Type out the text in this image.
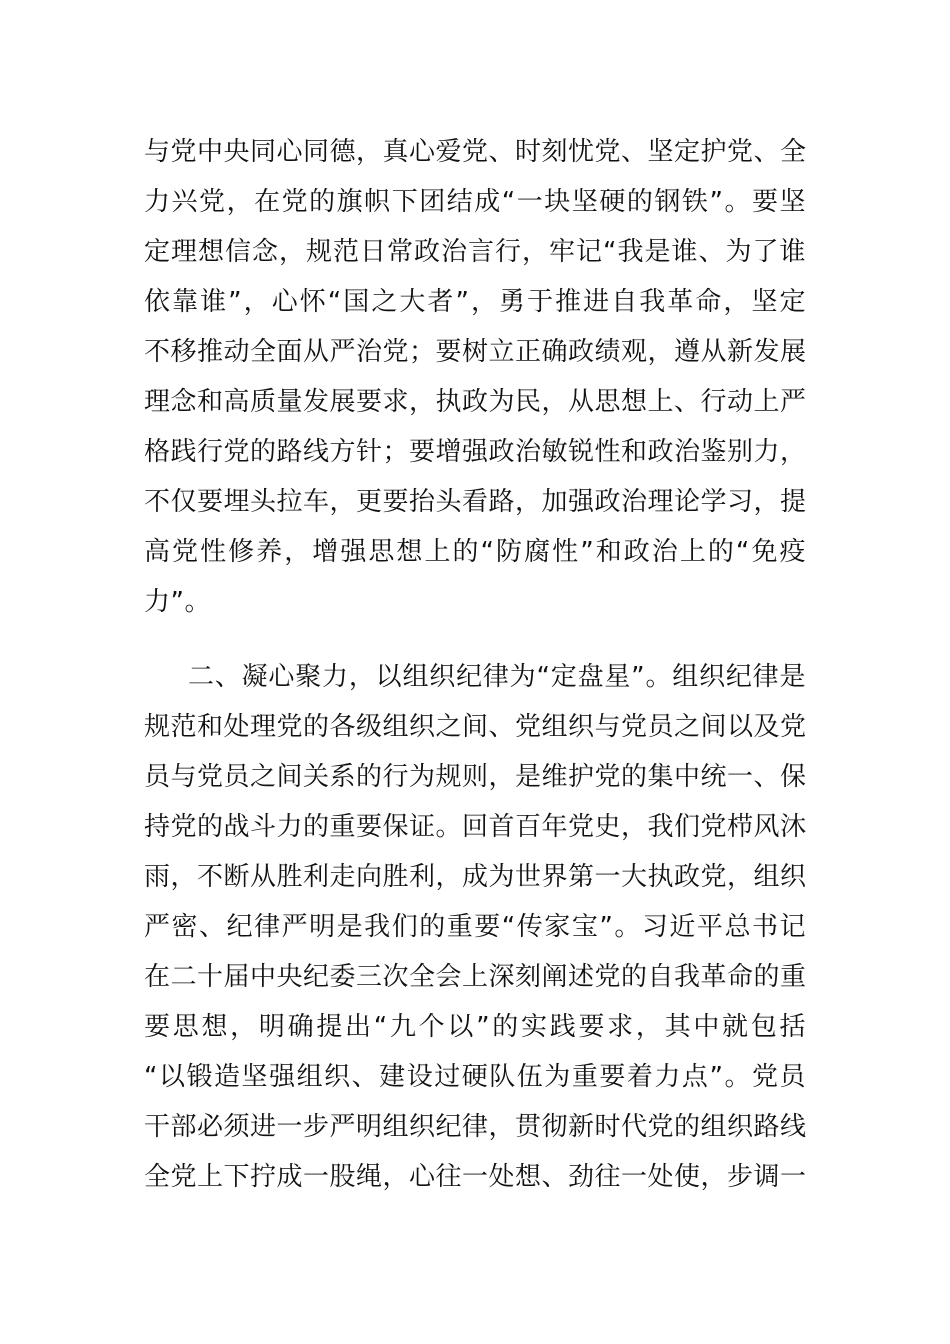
与党中央同心同德，真心爱党、时刻忧党、坚定护党、全
力兴党，在党的旗帜下团结成“一块坚硬的钢铁”。要坚
定理想信念，规范日常政治言行，牢记“我是谁、为了谁
依靠谁”，心怀“国之大者”，勇于推进自我革命，坚定
不移推动全面从严治党；要树立正确政绩观，遵从新发展
理念和高质量发展要求，执政为民，从思想上、行动上严
格践行党的路线方针；要增强政治敏锐性和政治鉴别力，
不仅要埋头拉车，更要抬头看路，加强政治理论学习，提
高党性修养，增强思想上的“防腐性”和政治上的“免疫
力”。
二、凝心聚力，以组织纪律为“定盘星”。组织纪律是
规范和处理党的各级组织之间、党组织与党员之间以及党
员与党员之间关系的行为规则，是维护党的集中统一、保
持党的战斗力的重要保证。回首百年党史，我们党栉风沐
雨，不断从胜利走向胜利，成为世界第一大执政党，组织
严密、纪律严明是我们的重要“传家宝”。习近平总书记
在二十届中央纪委三次全会上深刻阐述党的自我革命的重
要思想，明确提出“九个以”的实践要求，其中就包括
“以锻造坚强组织、建设过硬队伍为重要着力点”。党员
干部必须进一步严明组织纪律，贯彻新时代党的组织路线
全党上下拧成一股绳，心往一处想、劲往一处使，步调一
